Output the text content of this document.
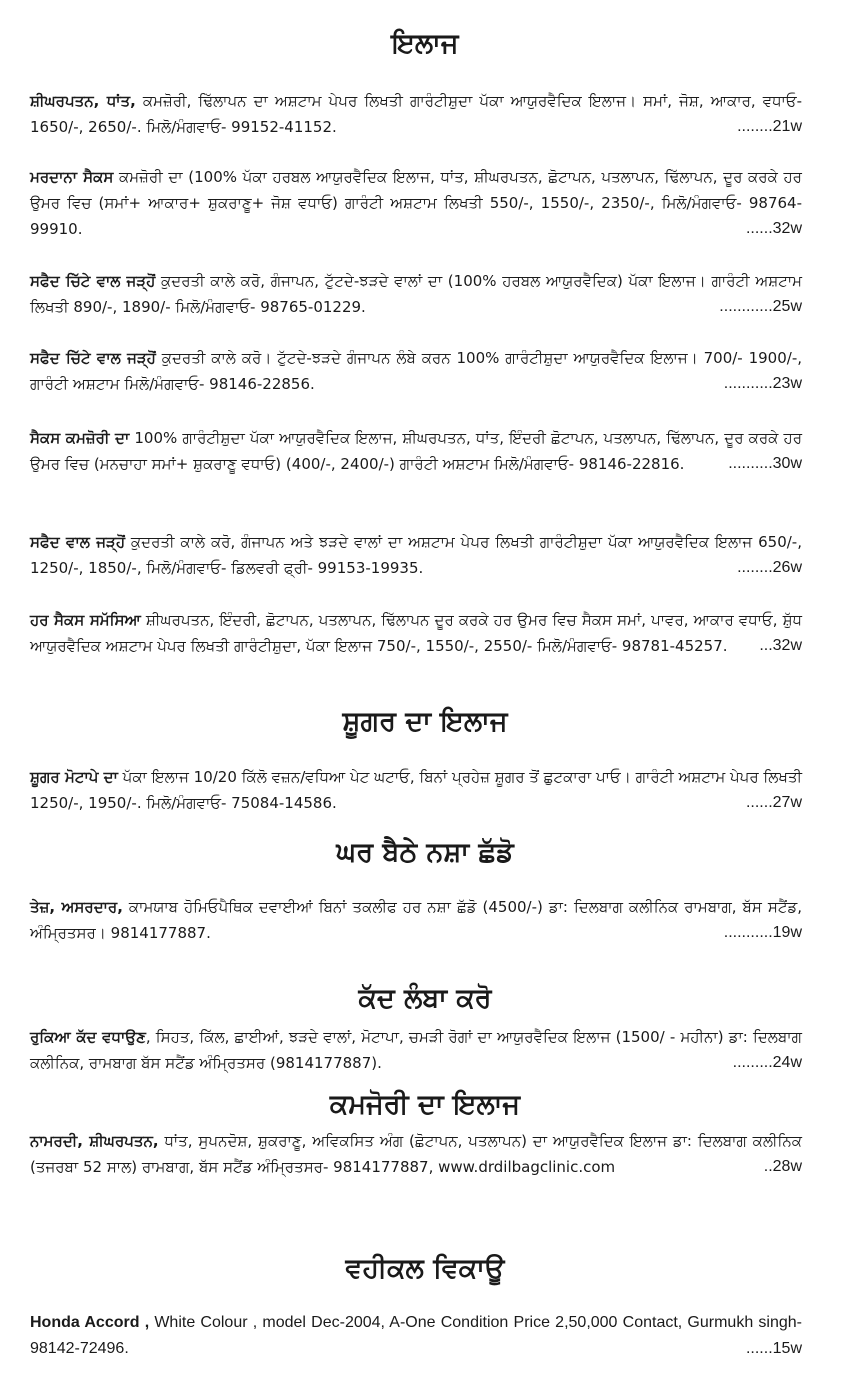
ਇਲਾਜ

ਸ਼ੀਘਰਪਤਨ, ਧਾਂਤ, ਕਮਜ਼ੋਰੀ, ਢਿੱਲਾਪਨ ਦਾ ਅਸ਼ਟਾਮ ਪੇਪਰ ਲਿਖਤੀ ਗਾਰੰਟੀਸ਼ੁਦਾ ਪੱਕਾ ਆਯੁਰਵੈਦਿਕ ਇਲਾਜ। ਸਮਾਂ, ਜੋਸ਼, ਆਕਾਰ, ਵਧਾਓ- 1650/-, 2650/-. ਮਿਲੋ/ਮੰਗਵਾਓ- 99152-41152.	........21w

ਮਰਦਾਨਾ ਸੈਕਸ ਕਮਜ਼ੋਰੀ ਦਾ (100% ਪੱਕਾ ਹਰਬਲ ਆਯੁਰਵੈਦਿਕ ਇਲਾਜ, ਧਾਂਤ, ਸ਼ੀਘਰਪਤਨ, ਛੋਟਾਪਨ, ਪਤਲਾਪਨ, ਢਿੱਲਾਪਨ, ਦੂਰ ਕਰਕੇ ਹਰ ਉਮਰ ਵਿਚ (ਸਮਾਂ+ ਆਕਾਰ+ ਸ਼ੁਕਰਾਣੂ+ ਜੋਸ਼ ਵਧਾਓ) ਗਾਰੰਟੀ ਅਸ਼ਟਾਮ ਲਿਖਤੀ 550/-, 1550/-, 2350/-, ਮਿਲੋ/ਮੰਗਵਾਓ- 98764-99910.	......32w

ਸਫੈਦ ਚਿੱਟੇ ਵਾਲ ਜੜ੍ਹੋਂ ਕੁਦਰਤੀ ਕਾਲੇ ਕਰੋ, ਗੰਜਾਪਨ, ਟੁੱਟਦੇ-ਝੜਦੇ ਵਾਲਾਂ ਦਾ (100% ਹਰਬਲ ਆਯੁਰਵੈਦਿਕ) ਪੱਕਾ ਇਲਾਜ। ਗਾਰੰਟੀ ਅਸ਼ਟਾਮ ਲਿਖਤੀ 890/-, 1890/- ਮਿਲੋ/ਮੰਗਵਾਓ- 98765-01229.	............25w

ਸਫੈਦ ਚਿੱਟੇ ਵਾਲ ਜੜ੍ਹੋਂ ਕੁਦਰਤੀ ਕਾਲੇ ਕਰੋ। ਟੁੱਟਦੇ-ਝੜਦੇ ਗੰਜਾਪਨ ਲੰਬੇ ਕਰਨ 100% ਗਾਰੰਟੀਸ਼ੁਦਾ ਆਯੁਰਵੈਦਿਕ ਇਲਾਜ। 700/- 1900/-, ਗਾਰੰਟੀ ਅਸ਼ਟਾਮ ਮਿਲੋ/ਮੰਗਵਾਓ- 98146-22856.	...........23w

ਸੈਕਸ ਕਮਜ਼ੋਰੀ ਦਾ 100% ਗਾਰੰਟੀਸ਼ੁਦਾ ਪੱਕਾ ਆਯੁਰਵੈਦਿਕ ਇਲਾਜ, ਸ਼ੀਘਰਪਤਨ, ਧਾਂਤ, ਇੰਦਰੀ ਛੋਟਾਪਨ, ਪਤਲਾਪਨ, ਢਿੱਲਾਪਨ, ਦੂਰ ਕਰਕੇ ਹਰ ਉਮਰ ਵਿਚ (ਮਨਚਾਹਾ ਸਮਾਂ+ ਸ਼ੁਕਰਾਣੂ ਵਧਾਓ) (400/-, 2400/-) ਗਾਰੰਟੀ ਅਸ਼ਟਾਮ ਮਿਲੋ/ਮੰਗਵਾਓ- 98146-22816.	..........30w

ਸਫੈਦ ਵਾਲ ਜੜ੍ਹੋਂ ਕੁਦਰਤੀ ਕਾਲੇ ਕਰੋ, ਗੰਜਾਪਨ ਅਤੇ ਝੜਦੇ ਵਾਲਾਂ ਦਾ ਅਸ਼ਟਾਮ ਪੇਪਰ ਲਿਖਤੀ ਗਾਰੰਟੀਸ਼ੁਦਾ ਪੱਕਾ ਆਯੁਰਵੈਦਿਕ ਇਲਾਜ 650/-, 1250/-, 1850/-, ਮਿਲੋ/ਮੰਗਵਾਓ- ਡਿਲਵਰੀ ਫ੍ਰੀ- 99153-19935.	........26w

ਹਰ ਸੈਕਸ ਸਮੱਸਿਆ ਸ਼ੀਘਰਪਤਨ, ਇੰਦਰੀ, ਛੋਟਾਪਨ, ਪਤਲਾਪਨ, ਢਿੱਲਾਪਨ ਦੂਰ ਕਰਕੇ ਹਰ ਉਮਰ ਵਿਚ ਸੈਕਸ ਸਮਾਂ, ਪਾਵਰ, ਆਕਾਰ ਵਧਾਓ, ਸ਼ੁੱਧ ਆਯੁਰਵੈਦਿਕ ਅਸ਼ਟਾਮ ਪੇਪਰ ਲਿਖਤੀ ਗਾਰੰਟੀਸ਼ੁਦਾ, ਪੱਕਾ ਇਲਾਜ 750/-, 1550/-, 2550/- ਮਿਲੋ/ਮੰਗਵਾਓ- 98781-45257. ...32w

ਸ਼ੂਗਰ ਦਾ ਇਲਾਜ

ਸ਼ੂਗਰ ਮੋਟਾਪੇ ਦਾ ਪੱਕਾ ਇਲਾਜ 10/20 ਕਿੱਲੋ ਵਜ਼ਨ/ਵਧਿਆ ਪੇਟ ਘਟਾਓ, ਬਿਨਾਂ ਪ੍ਰਹੇਜ਼ ਸ਼ੂਗਰ ਤੋਂ ਛੁਟਕਾਰਾ ਪਾਓ। ਗਾਰੰਟੀ ਅਸ਼ਟਾਮ ਪੇਪਰ ਲਿਖਤੀ 1250/-, 1950/-. ਮਿਲੋ/ਮੰਗਵਾਓ- 75084-14586.	......27w

ਘਰ ਬੈਠੇ ਨਸ਼ਾ ਛੱਡੋ

ਤੇਜ਼, ਅਸਰਦਾਰ, ਕਾਮਯਾਬ ਹੋਮਿਓਪੈਥਿਕ ਦਵਾਈਆਂ ਬਿਨਾਂ ਤਕਲੀਫ ਹਰ ਨਸ਼ਾ ਛੱਡੋ (4500/-) ਡਾ: ਦਿਲਬਾਗ ਕਲੀਨਿਕ ਰਾਮਬਾਗ, ਬੱਸ ਸਟੈਂਡ, ਅੰਮ੍ਰਿਤਸਰ। 9814177887.	...........19w

ਕੱਦ ਲੰਬਾ ਕਰੋ

ਰੁਕਿਆ ਕੱਦ ਵਧਾਉਣ, ਸਿਹਤ, ਕਿੱਲ, ਛਾਈਆਂ, ਝੜਦੇ ਵਾਲਾਂ, ਮੋਟਾਪਾ, ਚਮੜੀ ਰੋਗਾਂ ਦਾ ਆਯੁਰਵੈਦਿਕ ਇਲਾਜ (1500/ - ਮਹੀਨਾ) ਡਾ: ਦਿਲਬਾਗ ਕਲੀਨਿਕ, ਰਾਮਬਾਗ ਬੱਸ ਸਟੈਂਡ ਅੰਮ੍ਰਿਤਸਰ (9814177887).	.........24w

ਕਮਜੋਰੀ ਦਾ ਇਲਾਜ

ਨਾਮਰਦੀ, ਸ਼ੀਘਰਪਤਨ, ਧਾਂਤ, ਸੁਪਨਦੋਸ਼, ਸ਼ੁਕਰਾਣੂ, ਅਵਿਕਸਿਤ ਅੰਗ (ਛੋਟਾਪਨ, ਪਤਲਾਪਨ) ਦਾ ਆਯੁਰਵੈਦਿਕ ਇਲਾਜ ਡਾ: ਦਿਲਬਾਗ ਕਲੀਨਿਕ (ਤਜਰਬਾ 52 ਸਾਲ) ਰਾਮਬਾਗ, ਬੱਸ ਸਟੈਂਡ ਅੰਮ੍ਰਿਤਸਰ- 9814177887, www.drdilbagclinic.com	..28w

ਵਹੀਕਲ ਵਿਕਾਊ

Honda Accord , White Colour , model Dec-2004, A-One Condition Price 2,50,000 Contact, Gurmukh singh-98142-72496.	......15w
